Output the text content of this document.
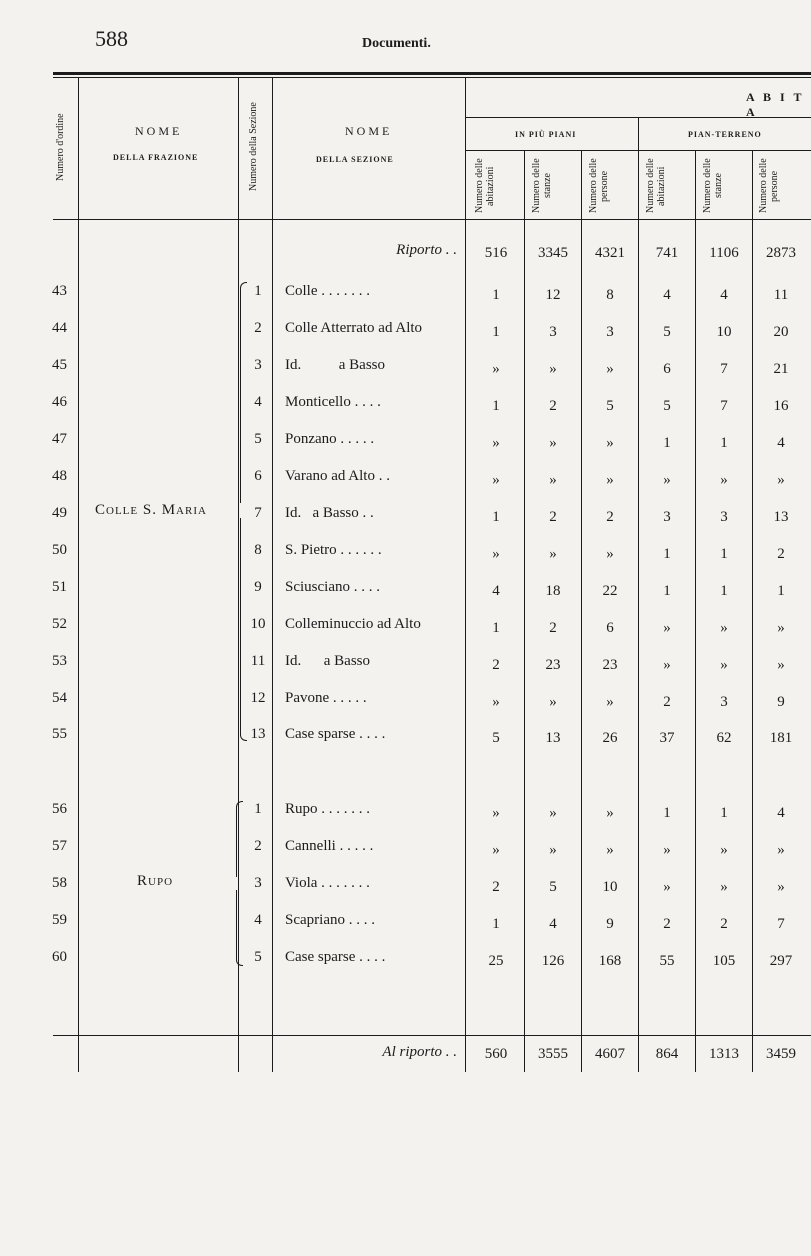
588	Documenti.
Numero d'ordine	NOME
DELLA FRAZIONE	Numero della Sezione	NOME
DELLA SEZIONE
A B I T A
IN PIÙ PIANI	PIAN-TERRENO
Numero delle abitazioni	Numero delle stanze	Numero delle persone	Numero delle abitazioni	Numero delle stanze	Numero delle persone
Riporto . .	516	3345	4321	741	1106	2873
Colle S. Maria
Rupo
43	1	Colle . . . . . . .	1	12	8	4	4	11
44	2	Colle Atterrato ad Alto	1	3	3	5	10	20
45	3	Id.          a Basso	»	»	»	6	7	21
46	4	Monticello . . . .	1	2	5	5	7	16
47	5	Ponzano . . . . .	»	»	»	1	1	4
48	6	Varano ad Alto . .	»	»	»	»	»	»
49	7	Id.   a Basso . .	1	2	2	3	3	13
50	8	S. Pietro . . . . . .	»	»	»	1	1	2
51	9	Sciusciano . . . .	4	18	22	1	1	1
52	10	Colleminuccio ad Alto	1	2	6	»	»	»
53	11	Id.      a Basso	2	23	23	»	»	»
54	12	Pavone . . . . .	»	»	»	2	3	9
55	13	Case sparse . . . .	5	13	26	37	62	181
56	1	Rupo . . . . . . .	»	»	»	1	1	4
57	2	Cannelli . . . . .	»	»	»	»	»	»
58	3	Viola . . . . . . .	2	5	10	»	»	»
59	4	Scapriano . . . .	1	4	9	2	2	7
60	5	Case sparse . . . .	25	126	168	55	105	297
Al riporto . .	560	3555	4607	864	1313	3459
